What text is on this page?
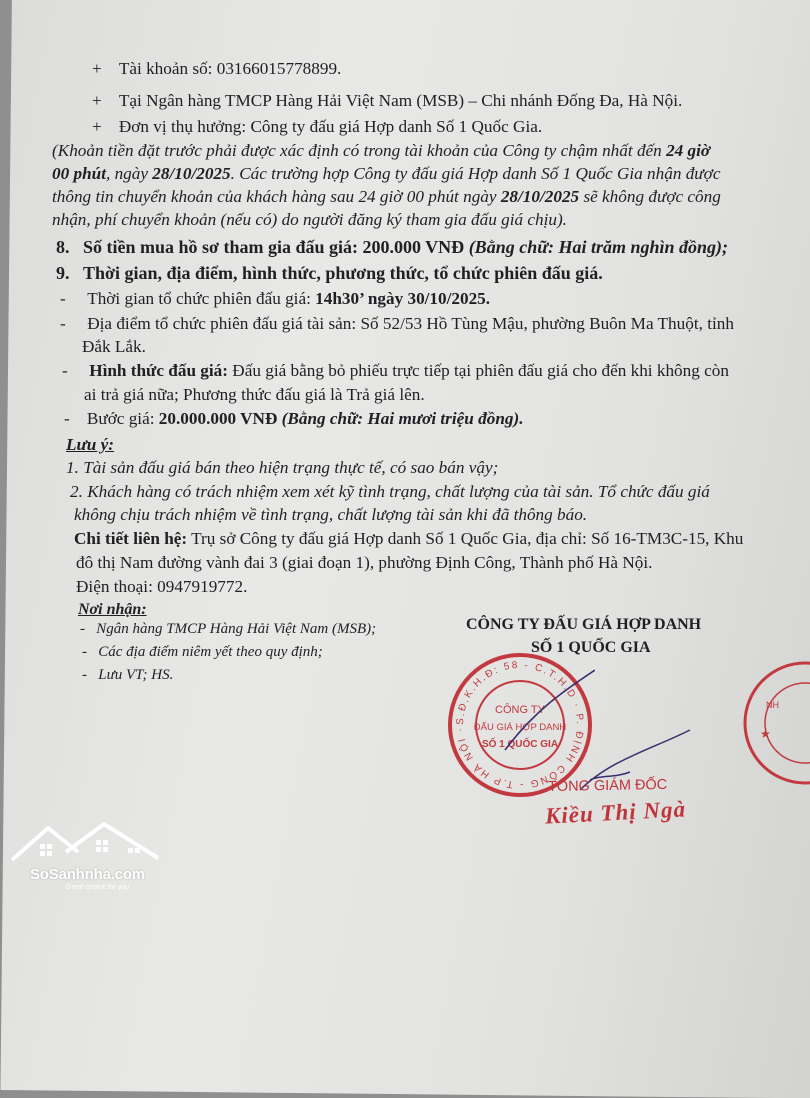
+ Tài khoản số: 03166015778899.
+ Tại Ngân hàng TMCP Hàng Hải Việt Nam (MSB) – Chi nhánh Đống Đa, Hà Nội.
+ Đơn vị thụ hưởng: Công ty đấu giá Hợp danh Số 1 Quốc Gia.
(Khoản tiền đặt trước phải được xác định có trong tài khoản của Công ty chậm nhất đến 24 giờ
00 phút, ngày 28/10/2025. Các trường hợp Công ty đấu giá Hợp danh Số 1 Quốc Gia nhận được
thông tin chuyển khoản của khách hàng sau 24 giờ 00 phút ngày 28/10/2025 sẽ không được công
nhận, phí chuyển khoản (nếu có) do người đăng ký tham gia đấu giá chịu).
8. Số tiền mua hồ sơ tham gia đấu giá: 200.000 VNĐ (Bằng chữ: Hai trăm nghìn đồng);
9. Thời gian, địa điểm, hình thức, phương thức, tổ chức phiên đấu giá.
- Thời gian tổ chức phiên đấu giá: 14h30’ ngày 30/10/2025.
- Địa điểm tổ chức phiên đấu giá tài sản: Số 52/53 Hồ Tùng Mậu, phường Buôn Ma Thuột, tỉnh
Đắk Lắk.
- Hình thức đấu giá: Đấu giá bằng bỏ phiếu trực tiếp tại phiên đấu giá cho đến khi không còn
ai trả giá nữa; Phương thức đấu giá là Trả giá lên.
- Bước giá: 20.000.000 VNĐ (Bằng chữ: Hai mươi triệu đồng).
Lưu ý:
1. Tài sản đấu giá bán theo hiện trạng thực tế, có sao bán vậy;
2. Khách hàng có trách nhiệm xem xét kỹ tình trạng, chất lượng của tài sản. Tổ chức đấu giá
không chịu trách nhiệm về tình trạng, chất lượng tài sản khi đã thông báo.
Chi tiết liên hệ: Trụ sở Công ty đấu giá Hợp danh Số 1 Quốc Gia, địa chỉ: Số 16-TM3C-15, Khu
đô thị Nam đường vành đai 3 (giai đoạn 1), phường Định Công, Thành phố Hà Nội.
Điện thoại: 0947919772.
Nơi nhận:
- Ngân hàng TMCP Hàng Hải Việt Nam (MSB);
- Các địa điểm niêm yết theo quy định;
- Lưu VT; HS.
CÔNG TY ĐẤU GIÁ HỢP DANH
SỐ 1 QUỐC GIA
S.Đ.K.H.Đ: 58 - C.T.H.D · P. ĐỊNH CÔNG - T.P HÀ NỘI ·
CÔNG TY
ĐẤU GIÁ HỢP DANH
SỐ 1 QUỐC GIA
NH
★
TỔNG GIÁM ĐỐC
Kiều Thị Ngà
SoSanhnha.com
Great choice for you
